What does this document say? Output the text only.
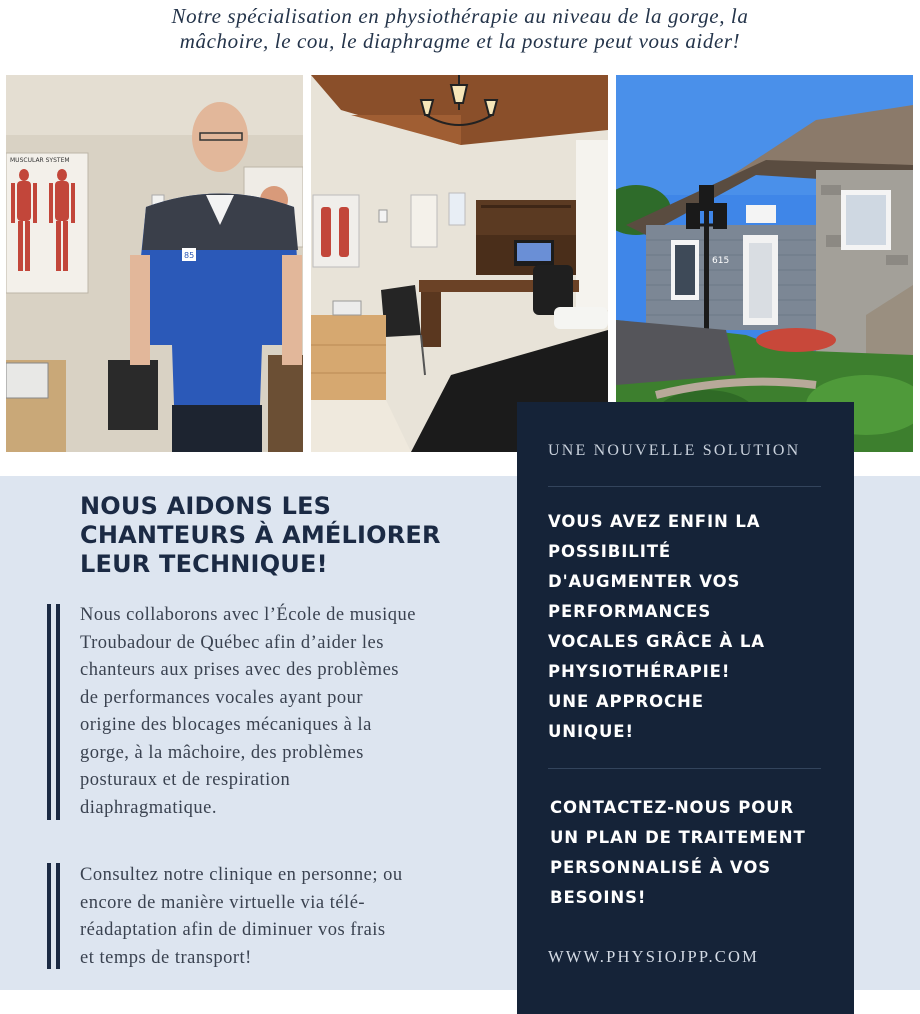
Notre spécialisation en physiothérapie au niveau de la gorge, la
mâchoire, le cou, le diaphragme et la posture peut vous aider!
MUSCULAR SYSTEM
85
615
NOUS AIDONS LES
CHANTEURS À AMÉLIORER
LEUR TECHNIQUE!
Nous collaborons avec l’École de musique
Troubadour de Québec afin d’aider les
chanteurs aux prises avec des problèmes
de performances vocales ayant pour
origine des blocages mécaniques à la
gorge, à la mâchoire, des problèmes
posturaux et de respiration
diaphragmatique.
Consultez notre clinique en personne; ou
encore de manière virtuelle via télé-
réadaptation afin de diminuer vos frais
et temps de transport!
UNE NOUVELLE SOLUTION
VOUS AVEZ ENFIN LA
POSSIBILITÉ
D'AUGMENTER VOS
PERFORMANCES
VOCALES GRÂCE À LA
PHYSIOTHÉRAPIE!
UNE APPROCHE
UNIQUE!
CONTACTEZ-NOUS POUR
UN PLAN DE TRAITEMENT
PERSONNALISÉ À VOS
BESOINS!
WWW.PHYSIOJPP.COM
